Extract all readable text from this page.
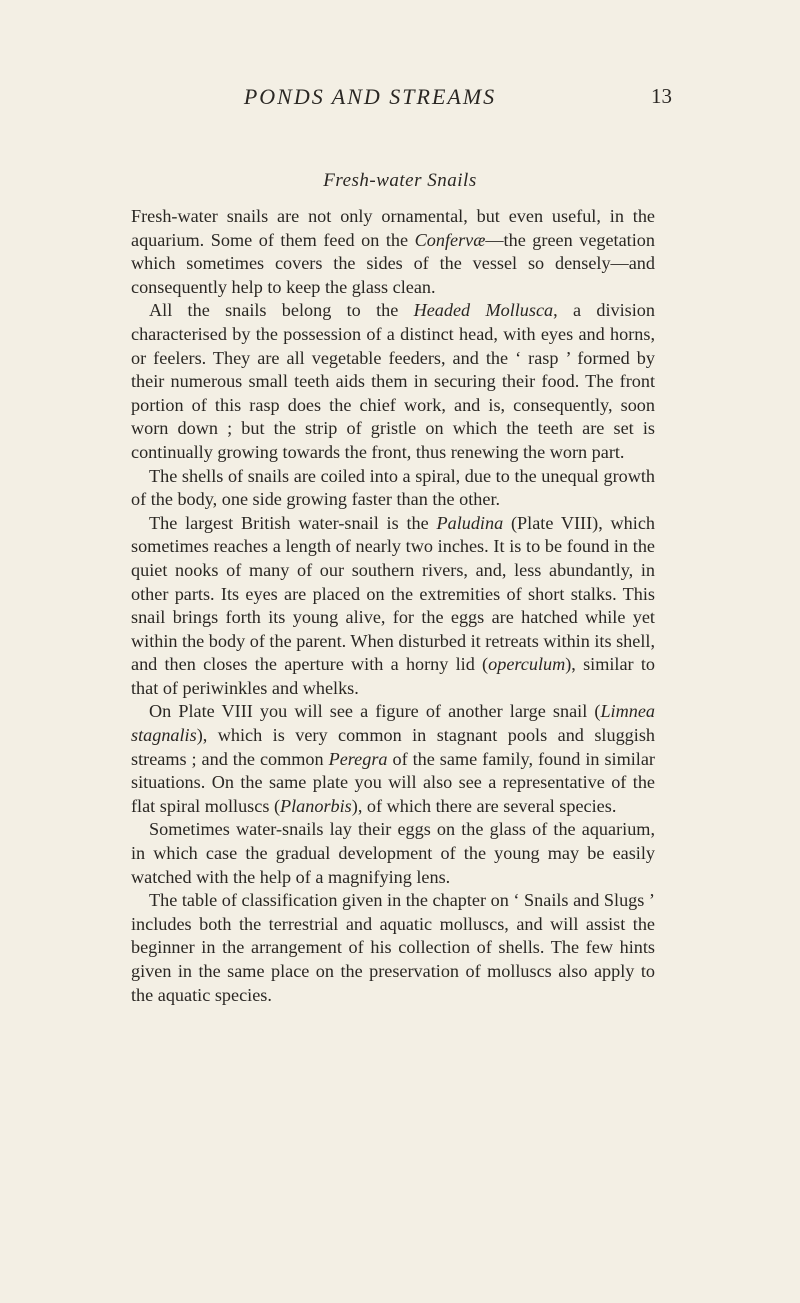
PONDS AND STREAMS	13
Fresh-water Snails

Fresh-water snails are not only ornamental, but even useful, in the aquarium. Some of them feed on the Confervæ—the green vegetation which sometimes covers the sides of the vessel so densely—and consequently help to keep the glass clean.

All the snails belong to the Headed Mollusca, a division characterised by the possession of a distinct head, with eyes and horns, or feelers. They are all vegetable feeders, and the ‘ rasp ’ formed by their numerous small teeth aids them in securing their food. The front portion of this rasp does the chief work, and is, consequently, soon worn down ; but the strip of gristle on which the teeth are set is continually growing towards the front, thus renewing the worn part.

The shells of snails are coiled into a spiral, due to the unequal growth of the body, one side growing faster than the other.

The largest British water-snail is the Paludina (Plate VIII), which sometimes reaches a length of nearly two inches. It is to be found in the quiet nooks of many of our southern rivers, and, less abundantly, in other parts. Its eyes are placed on the extremities of short stalks. This snail brings forth its young alive, for the eggs are hatched while yet within the body of the parent. When disturbed it retreats within its shell, and then closes the aperture with a horny lid (operculum), similar to that of periwinkles and whelks.

On Plate VIII you will see a figure of another large snail (Limnea stagnalis), which is very common in stagnant pools and sluggish streams ; and the common Peregra of the same family, found in similar situations. On the same plate you will also see a representative of the flat spiral molluscs (Planorbis), of which there are several species.

Sometimes water-snails lay their eggs on the glass of the aquarium, in which case the gradual development of the young may be easily watched with the help of a magnifying lens.

The table of classification given in the chapter on ‘ Snails and Slugs ’ includes both the terrestrial and aquatic molluscs, and will assist the beginner in the arrangement of his collection of shells. The few hints given in the same place on the preservation of molluscs also apply to the aquatic species.
